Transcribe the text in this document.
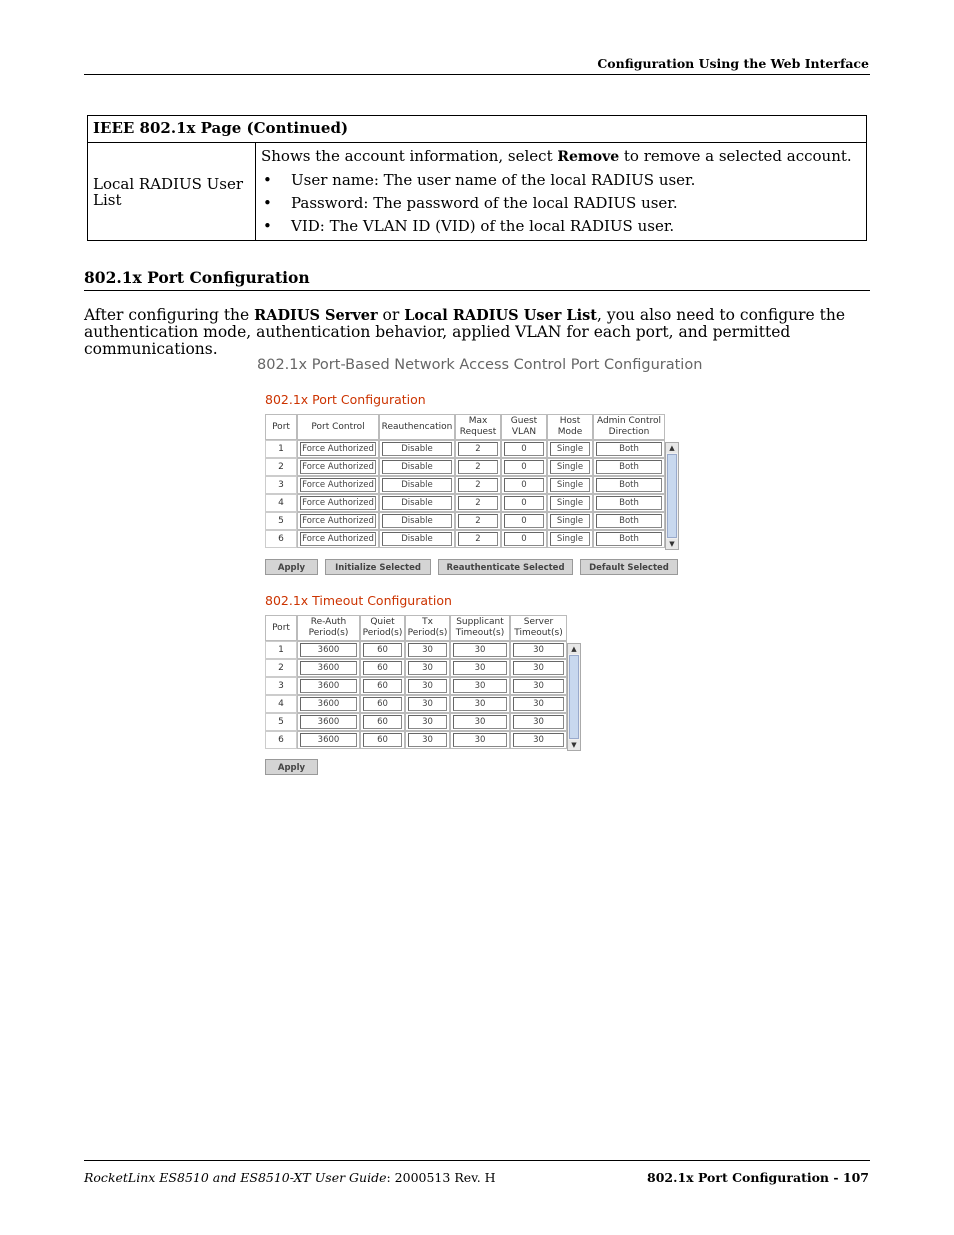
Configuration Using the Web Interface
IEEE 802.1x Page (Continued)
Local RADIUS User List	
Shows the account information, select Remove to remove a selected account.
•	User name: The user name of the local RADIUS user.
•	Password: The password of the local RADIUS user.
•	VID: The VLAN ID (VID) of the local RADIUS user.
802.1x Port Configuration
After configuring the RADIUS Server or Local RADIUS User List, you also need to configure the authentication mode, authentication behavior, applied VLAN for each port, and permitted communications.
802.1x Port-Based Network Access Control Port Configuration
802.1x Port Configuration
Port	Port Control	Reauthencation	Max Request	Guest VLAN	Host Mode	Admin Control Direction
1	Force Authorized	Disable	2	0	Single	Both

2	Force Authorized	Disable	2	0	Single	Both

3	Force Authorized	Disable	2	0	Single	Both

4	Force Authorized	Disable	2	0	Single	Both

5	Force Authorized	Disable	2	0	Single	Both

6	Force Authorized	Disable	2	0	Single	Both
▲
▼
Apply	Initialize Selected	Reauthenticate Selected	Default Selected
802.1x Timeout Configuration
Port	Re-Auth Period(s)	Quiet Period(s)	Tx Period(s)	Supplicant Timeout(s)	Server Timeout(s)
1	3600	60	30	30	30

2	3600	60	30	30	30

3	3600	60	30	30	30

4	3600	60	30	30	30

5	3600	60	30	30	30

6	3600	60	30	30	30
▲
▼
Apply
RocketLinx ES8510 and ES8510-XT User Guide: 2000513 Rev. H	802.1x Port Configuration - 107
